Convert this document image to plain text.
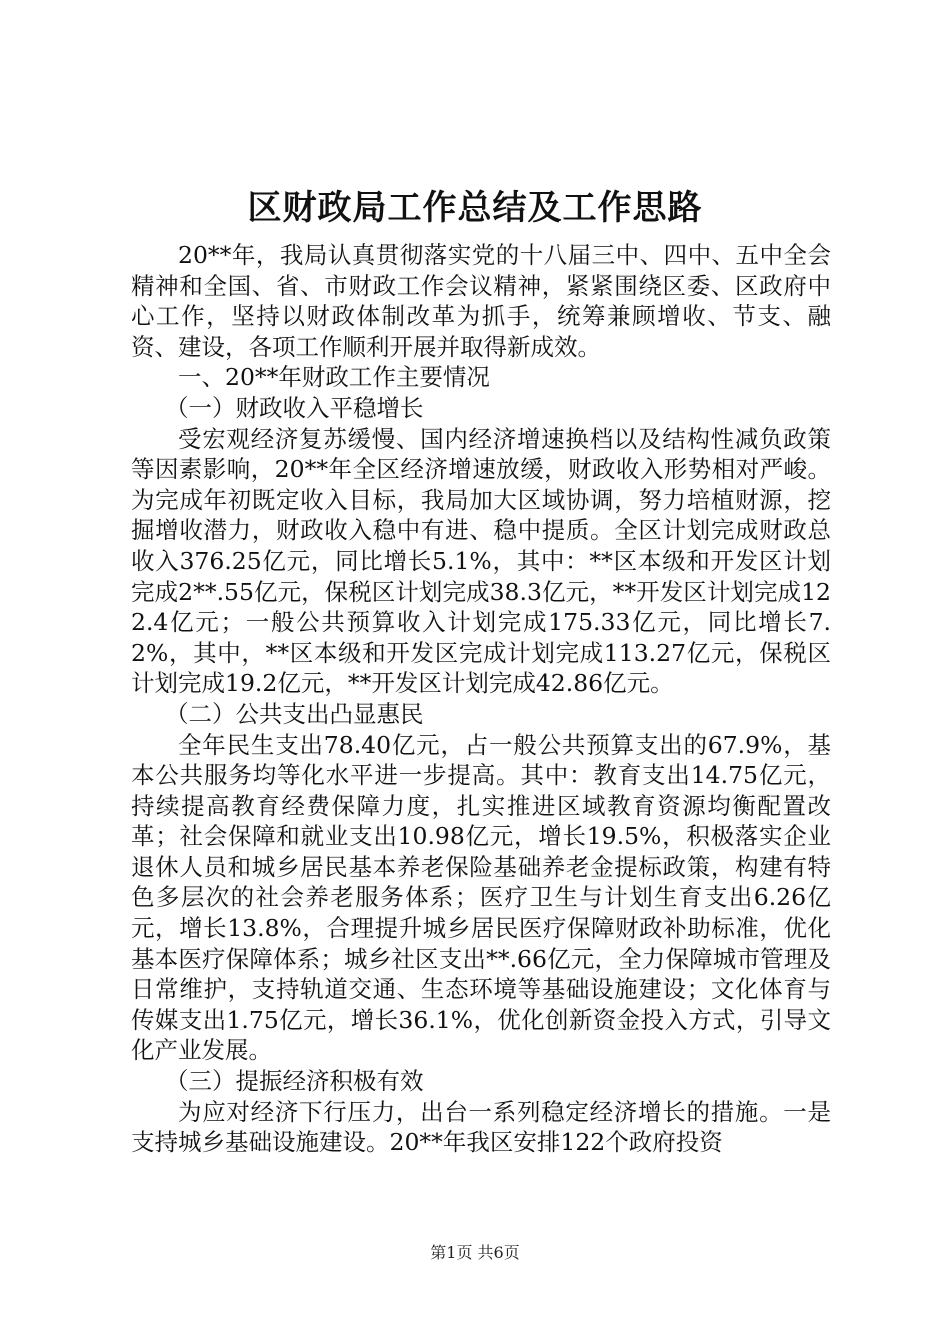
区财政局工作总结及工作思路

20**年，我局认真贯彻落实党的十八届三中、四中、五中全会精神和全国、省、市财政工作会议精神，紧紧围绕区委、区政府中心工作，坚持以财政体制改革为抓手，统筹兼顾增收、节支、融资、建设，各项工作顺利开展并取得新成效。

一、20**年财政工作主要情况

（一）财政收入平稳增长

受宏观经济复苏缓慢、国内经济增速换档以及结构性减负政策等因素影响，20**年全区经济增速放缓，财政收入形势相对严峻。为完成年初既定收入目标，我局加大区域协调，努力培植财源，挖掘增收潜力，财政收入稳中有进、稳中提质。全区计划完成财政总收入376.25亿元，同比增长5.1%，其中：**区本级和开发区计划完成2**.55亿元，保税区计划完成38.3亿元，**开发区计划完成122.4亿元；一般公共预算收入计划完成175.33亿元，同比增长7.2%，其中，**区本级和开发区完成计划完成113.27亿元，保税区计划完成19.2亿元，**开发区计划完成42.86亿元。

（二）公共支出凸显惠民

全年民生支出78.40亿元，占一般公共预算支出的67.9%，基本公共服务均等化水平进一步提高。其中：教育支出14.75亿元，持续提高教育经费保障力度，扎实推进区域教育资源均衡配置改革；社会保障和就业支出10.98亿元，增长19.5%，积极落实企业退休人员和城乡居民基本养老保险基础养老金提标政策，构建有特色多层次的社会养老服务体系；医疗卫生与计划生育支出6.26亿元，增长13.8%，合理提升城乡居民医疗保障财政补助标准，优化基本医疗保障体系；城乡社区支出**.66亿元，全力保障城市管理及日常维护，支持轨道交通、生态环境等基础设施建设；文化体育与传媒支出1.75亿元，增长36.1%，优化创新资金投入方式，引导文化产业发展。

（三）提振经济积极有效

为应对经济下行压力，出台一系列稳定经济增长的措施。一是支持城乡基础设施建设。20**年我区安排122个政府投资

第1页 共6页
